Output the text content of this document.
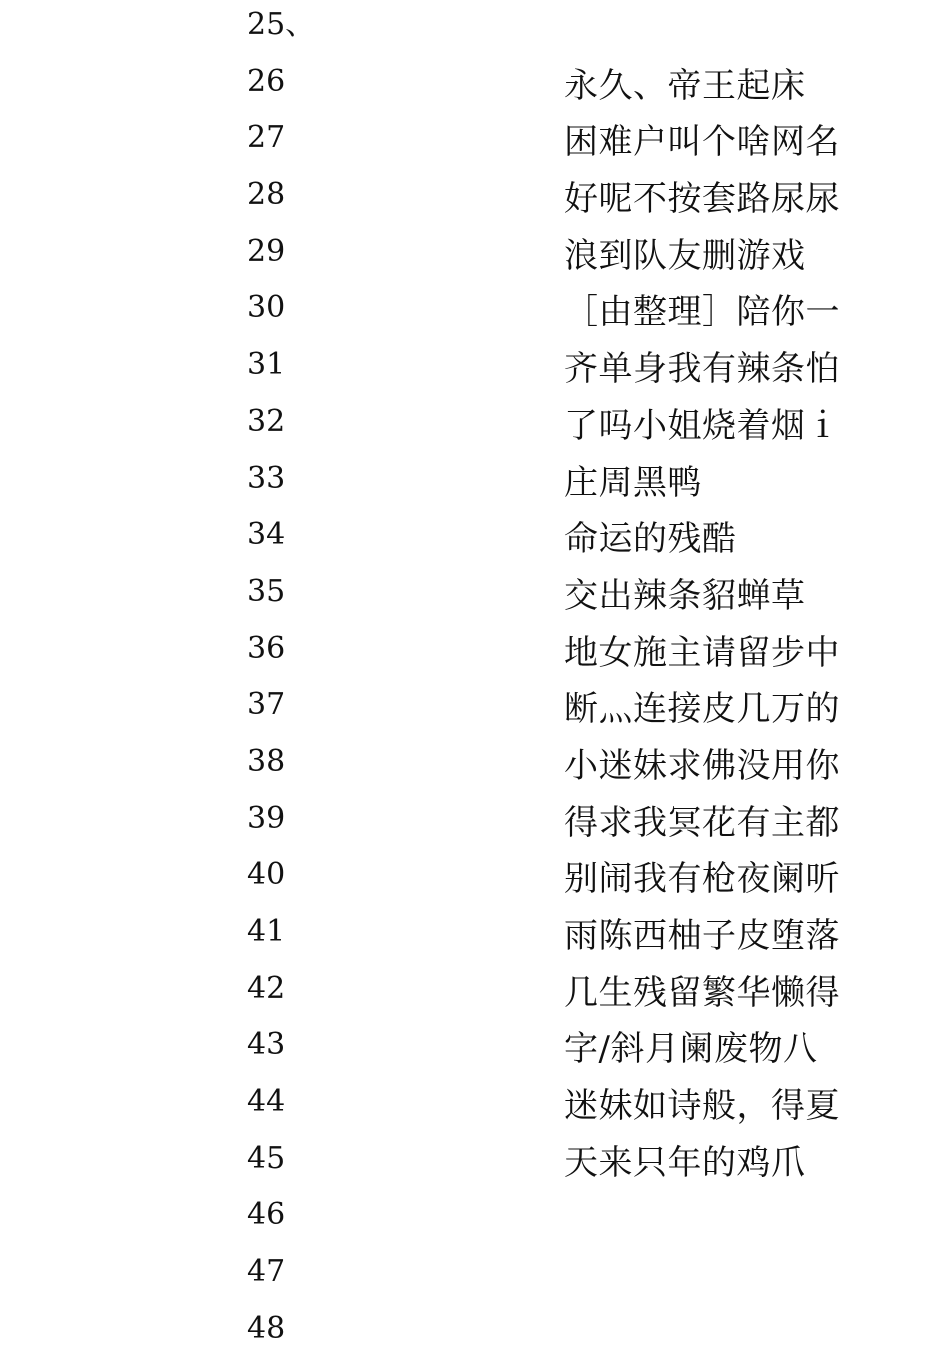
25、
26	永久、帝王起床
27	困难户叫个啥网名
28	好呢不按套路尿尿
29	浪到队友删游戏
30	［由整理］陪你一
31	齐单身我有辣条怕
32	了吗小姐烧着烟ｉ
33	庄周黑鸭
34	命运的残酷
35	交出辣条貂蝉草
36	地女施主请留步中
37	断灬连接皮几万的
38	小迷妹求佛没用你
39	得求我冥花有主都
40	别闹我有枪夜阑听
41	雨陈西柚子皮堕落
42	几生残留繁华懒得
43	字/斜月阑废物八
44	迷妹如诗般，得夏
45	天来只年的鸡爪
46
47
48
